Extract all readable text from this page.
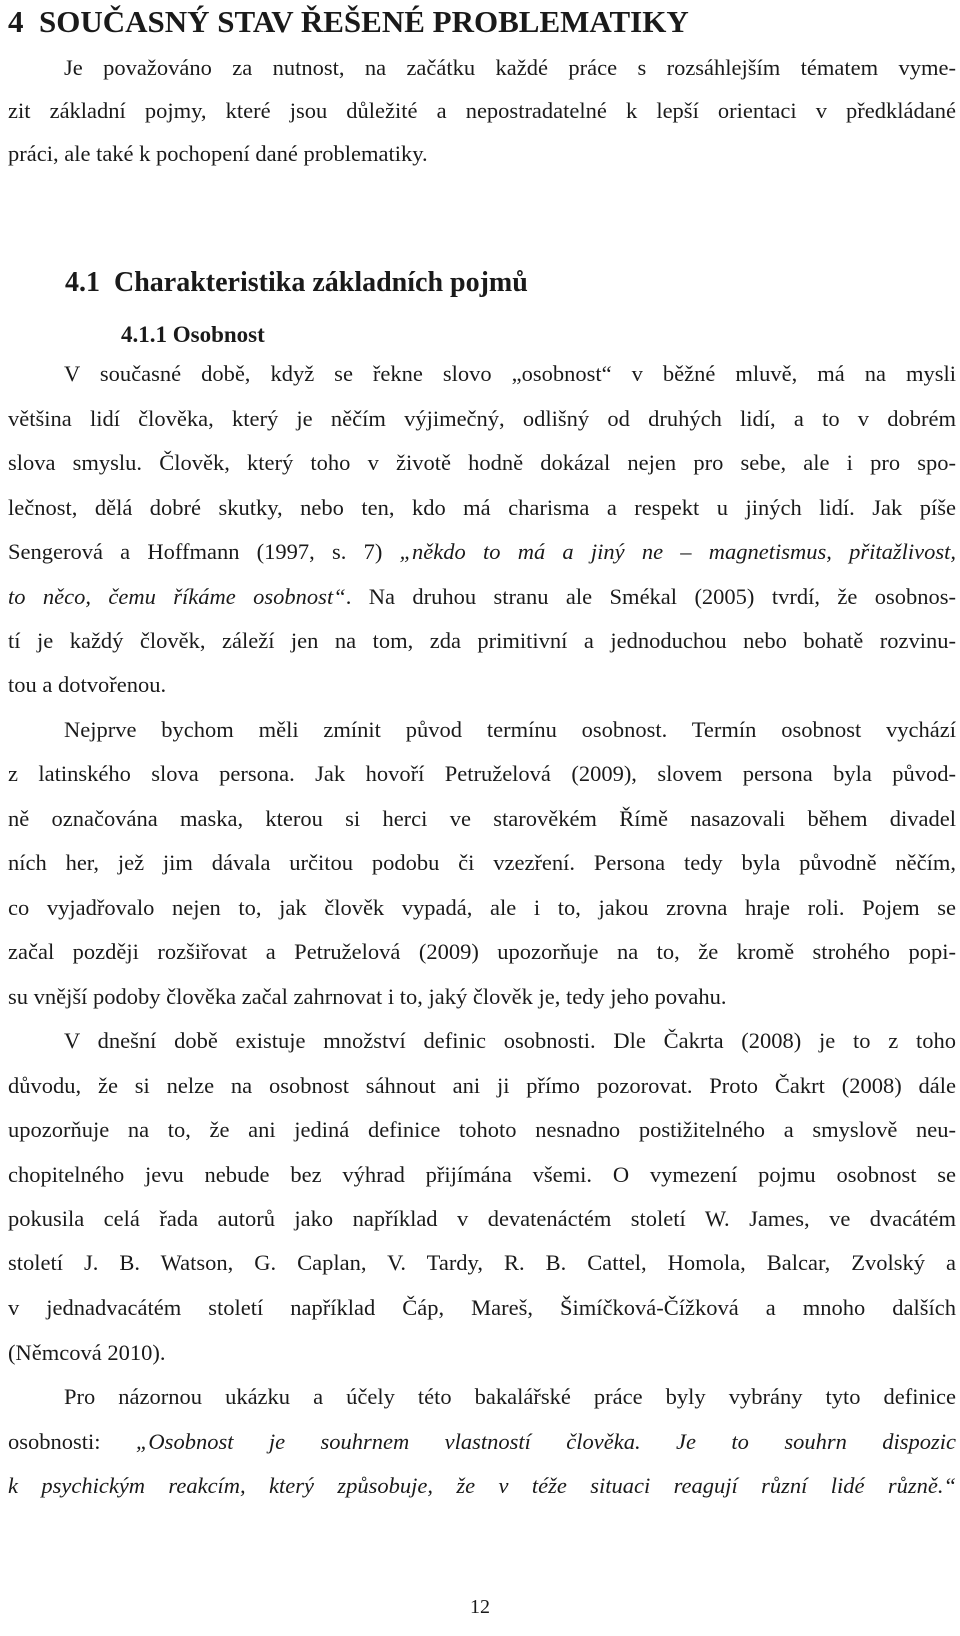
4 SOUČASNÝ STAV ŘEŠENÉ PROBLEMATIKY
Je považováno za nutnost, na začátku každé práce s rozsáhlejším tématem vyme-
zit základní pojmy, které jsou důležité a nepostradatelné k lepší orientaci v předkládané
práci, ale také k pochopení dané problematiky.
4.1 Charakteristika základních pojmů
4.1.1 Osobnost
V současné době, když se řekne slovo „osobnost“ v běžné mluvě, má na mysli
většina lidí člověka, který je něčím výjimečný, odlišný od druhých lidí, a to v dobrém
slova smyslu. Člověk, který toho v životě hodně dokázal nejen pro sebe, ale i pro spo-
lečnost, dělá dobré skutky, nebo ten, kdo má charisma a respekt u jiných lidí. Jak píše
Sengerová a Hoffmann (1997, s. 7) „někdo to má a jiný ne – magnetismus, přitažlivost,
to něco, čemu říkáme osobnost“. Na druhou stranu ale Smékal (2005) tvrdí, že osobnos-
tí je každý člověk, záleží jen na tom, zda primitivní a jednoduchou nebo bohatě rozvinu-
tou a dotvořenou.
Nejprve bychom měli zmínit původ termínu osobnost. Termín osobnost vychází
z latinského slova persona. Jak hovoří Petruželová (2009), slovem persona byla původ-
ně označována maska, kterou si herci ve starověkém Římě nasazovali během divadel
ních her, jež jim dávala určitou podobu či vzezření. Persona tedy byla původně něčím,
co vyjadřovalo nejen to, jak člověk vypadá, ale i to, jakou zrovna hraje roli. Pojem se
začal později rozšiřovat a Petruželová (2009) upozorňuje na to, že kromě strohého popi-
su vnější podoby člověka začal zahrnovat i to, jaký člověk je, tedy jeho povahu.
V dnešní době existuje množství definic osobnosti. Dle Čakrta (2008) je to z toho
důvodu, že si nelze na osobnost sáhnout ani ji přímo pozorovat. Proto Čakrt (2008) dále
upozorňuje na to, že ani jediná definice tohoto nesnadno postižitelného a smyslově neu-
chopitelného jevu nebude bez výhrad přijímána všemi. O vymezení pojmu osobnost se
pokusila celá řada autorů jako například v devatenáctém století W. James, ve dvacátém
století J. B. Watson, G. Caplan, V. Tardy, R. B. Cattel, Homola, Balcar, Zvolský a
v jednadvacátém století například Čáp, Mareš, Šimíčková-Čížková a mnoho dalších
(Němcová 2010).
Pro názornou ukázku a účely této bakalářské práce byly vybrány tyto definice
osobnosti: „Osobnost je souhrnem vlastností člověka. Je to souhrn dispozic
k psychickým reakcím, který způsobuje, že v téže situaci reagují různí lidé různě.“
12
